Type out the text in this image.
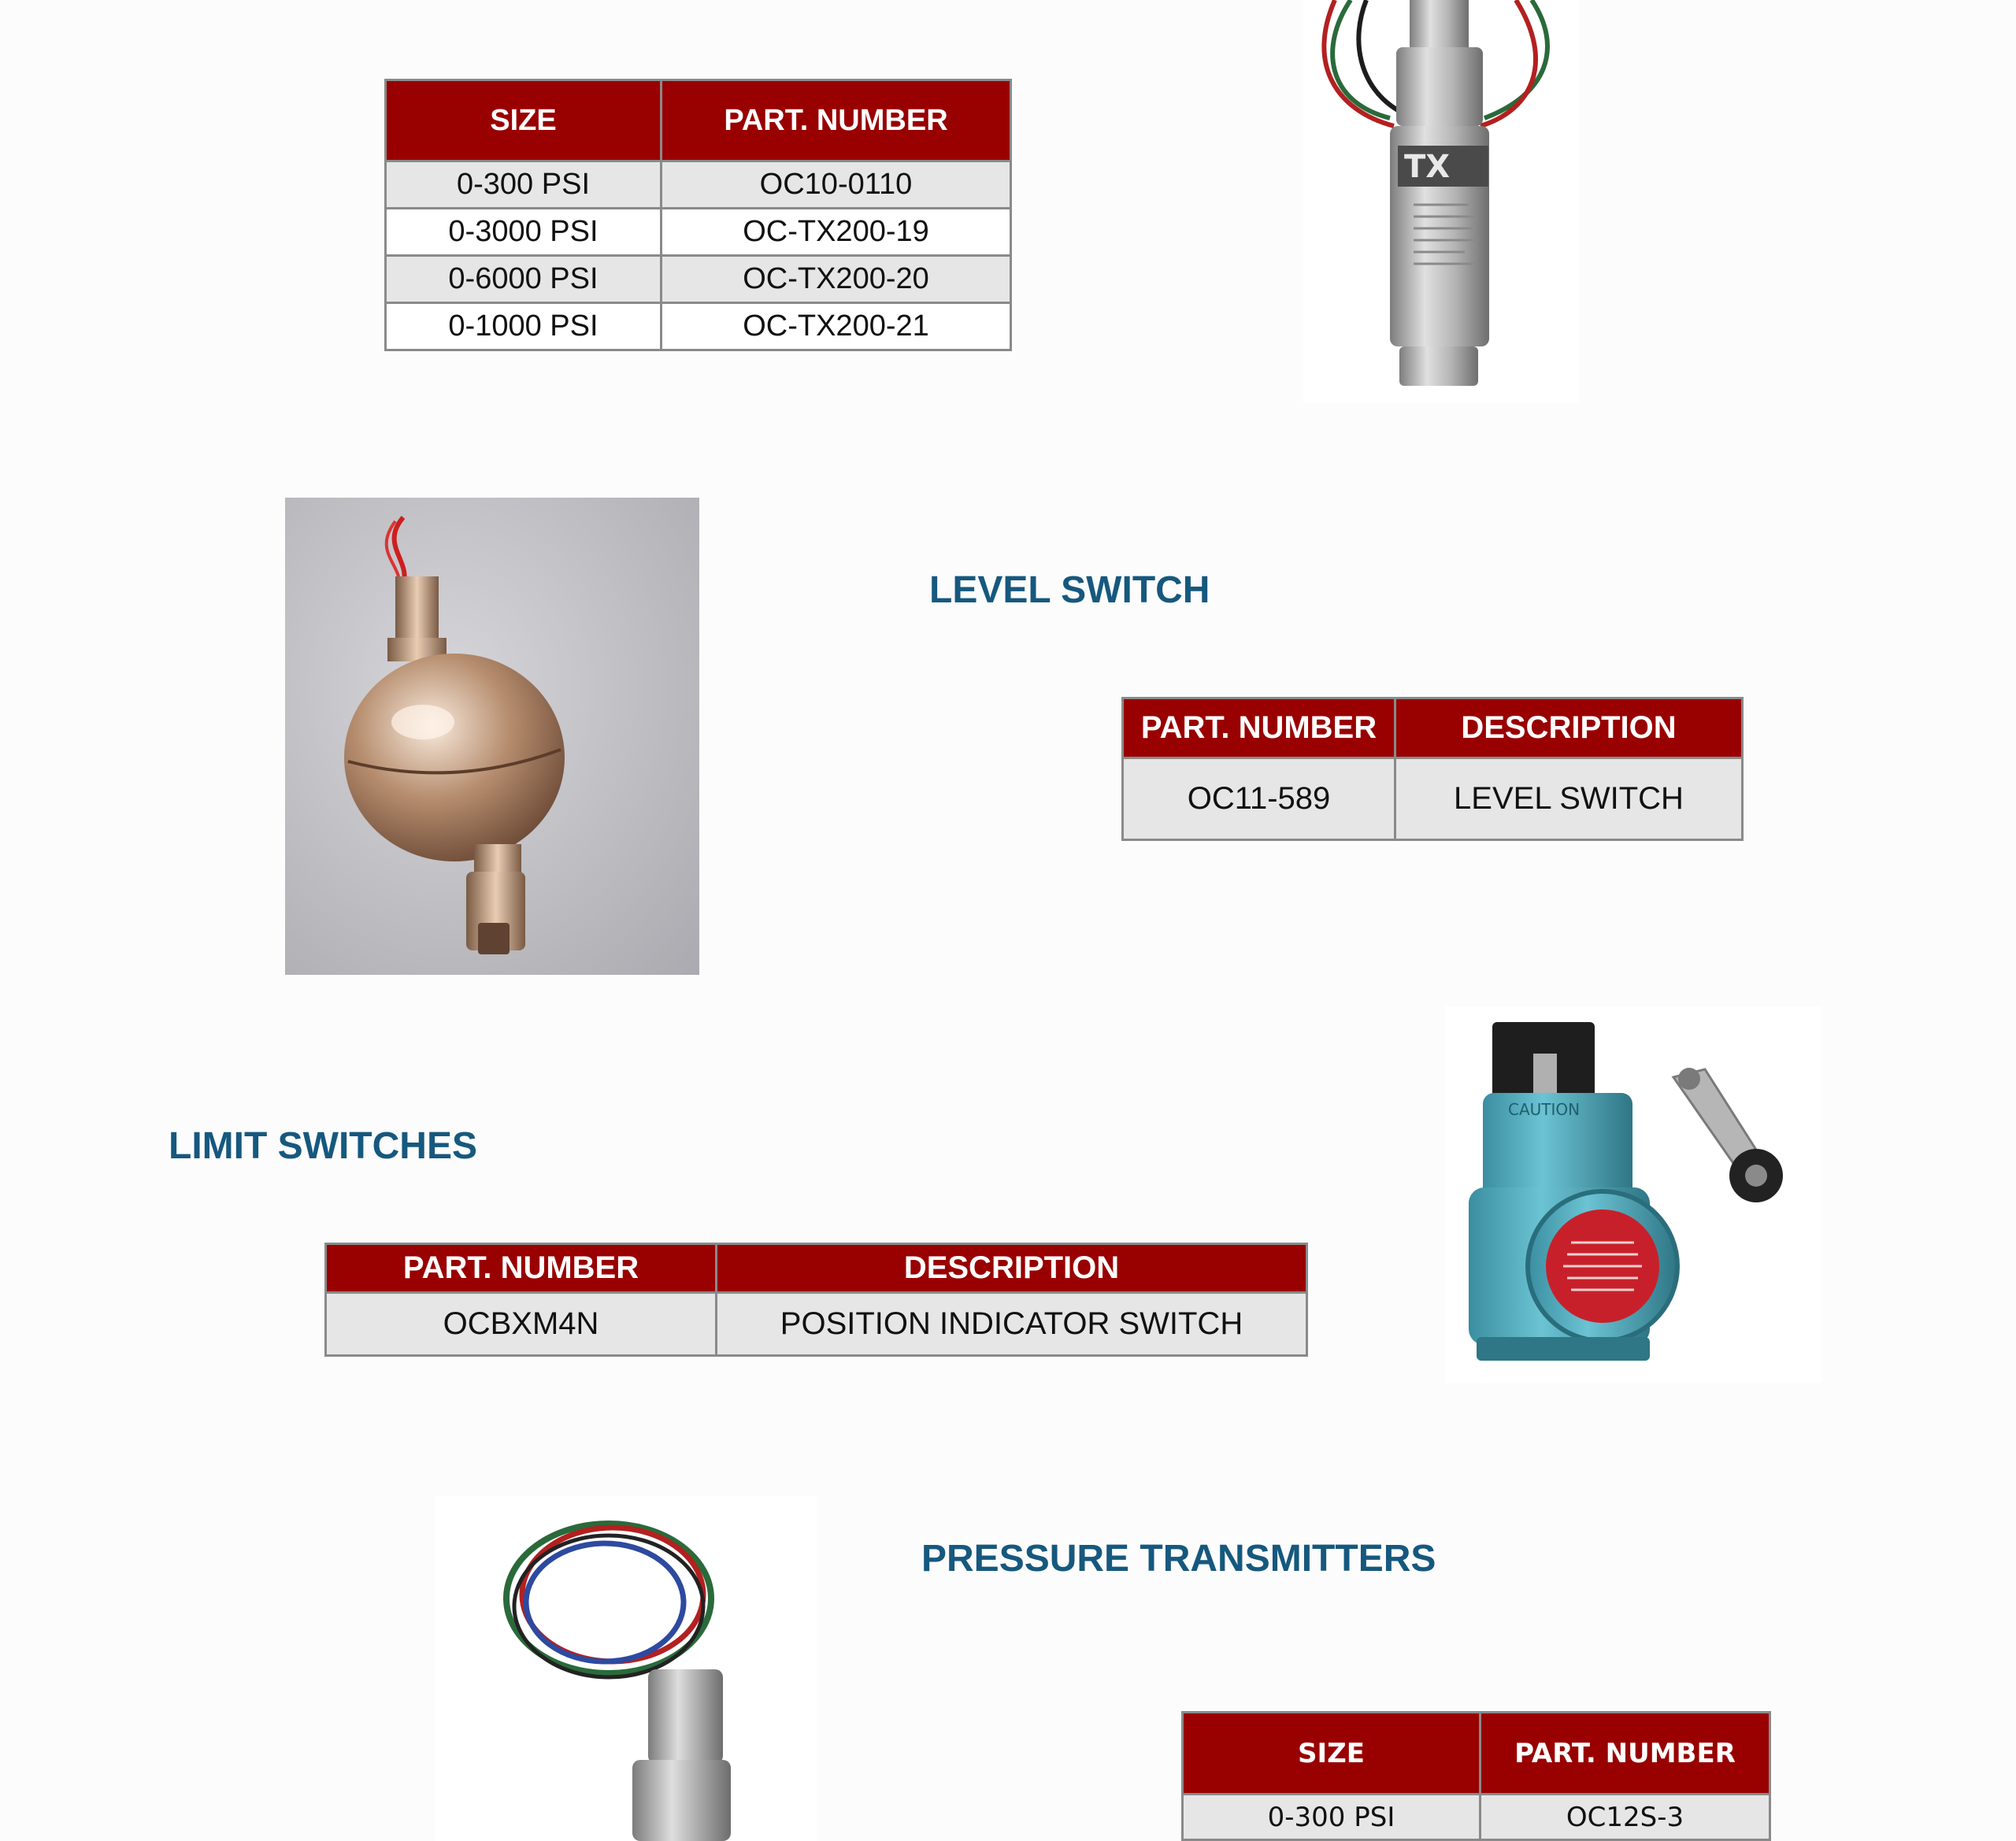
SIZE	PART. NUMBER
0-300 PSI	OC10-0110
0-3000 PSI	OC-TX200-19
0-6000 PSI	OC-TX200-20
0-1000 PSI	OC-TX200-21
TX
LEVEL SWITCH
PART. NUMBER	DESCRIPTION
OC11-589	LEVEL SWITCH
LIMIT SWITCHES
PART. NUMBER	DESCRIPTION
OCBXM4N	POSITION INDICATOR SWITCH
CAUTION
PRESSURE TRANSMITTERS
SIZE	PART. NUMBER
0-300 PSI	OC12S-3
